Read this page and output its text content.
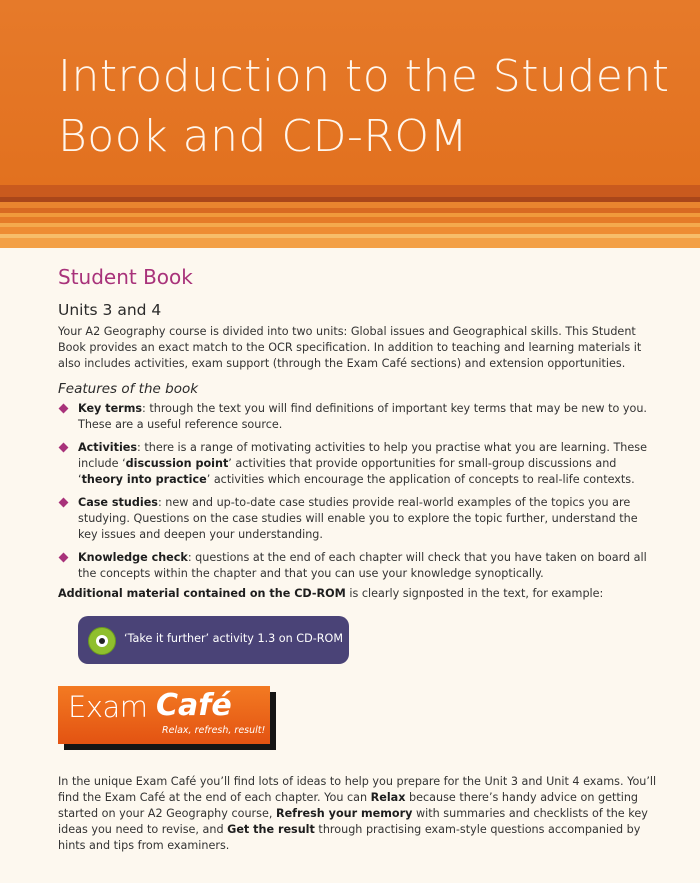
Introduction to the Student Book and CD-ROM
Student Book
Units 3 and 4

Your A2 Geography course is divided into two units: Global issues and Geographical skills. This Student Book provides an exact match to the OCR specification. In addition to teaching and learning materials it also includes activities, exam support (through the Exam Café sections) and extension opportunities.

Features of the book
Key terms: through the text you will find definitions of important key terms that may be new to you. These are a useful reference source.
Activities: there is a range of motivating activities to help you practise what you are learning. These include ‘discussion point’ activities that provide opportunities for small-group discussions and ‘theory into practice’ activities which encourage the application of concepts to real-life contexts.
Case studies: new and up-to-date case studies provide real-world examples of the topics you are studying. Questions on the case studies will enable you to explore the topic further, understand the key issues and deepen your understanding.
Knowledge check: questions at the end of each chapter will check that you have taken on board all the concepts within the chapter and that you can use your knowledge synoptically.

Additional material contained on the CD-ROM is clearly signposted in the text, for example:

‘Take it further’ activity 1.3 on CD-ROM
Exam Café
Relax, refresh, result!

In the unique Exam Café you’ll find lots of ideas to help you prepare for the Unit 3 and Unit 4 exams. You’ll find the Exam Café at the end of each chapter. You can Relax because there’s handy advice on getting started on your A2 Geography course, Refresh your memory with summaries and checklists of the key ideas you need to revise, and Get the result through practising exam-style questions accompanied by hints and tips from examiners.
